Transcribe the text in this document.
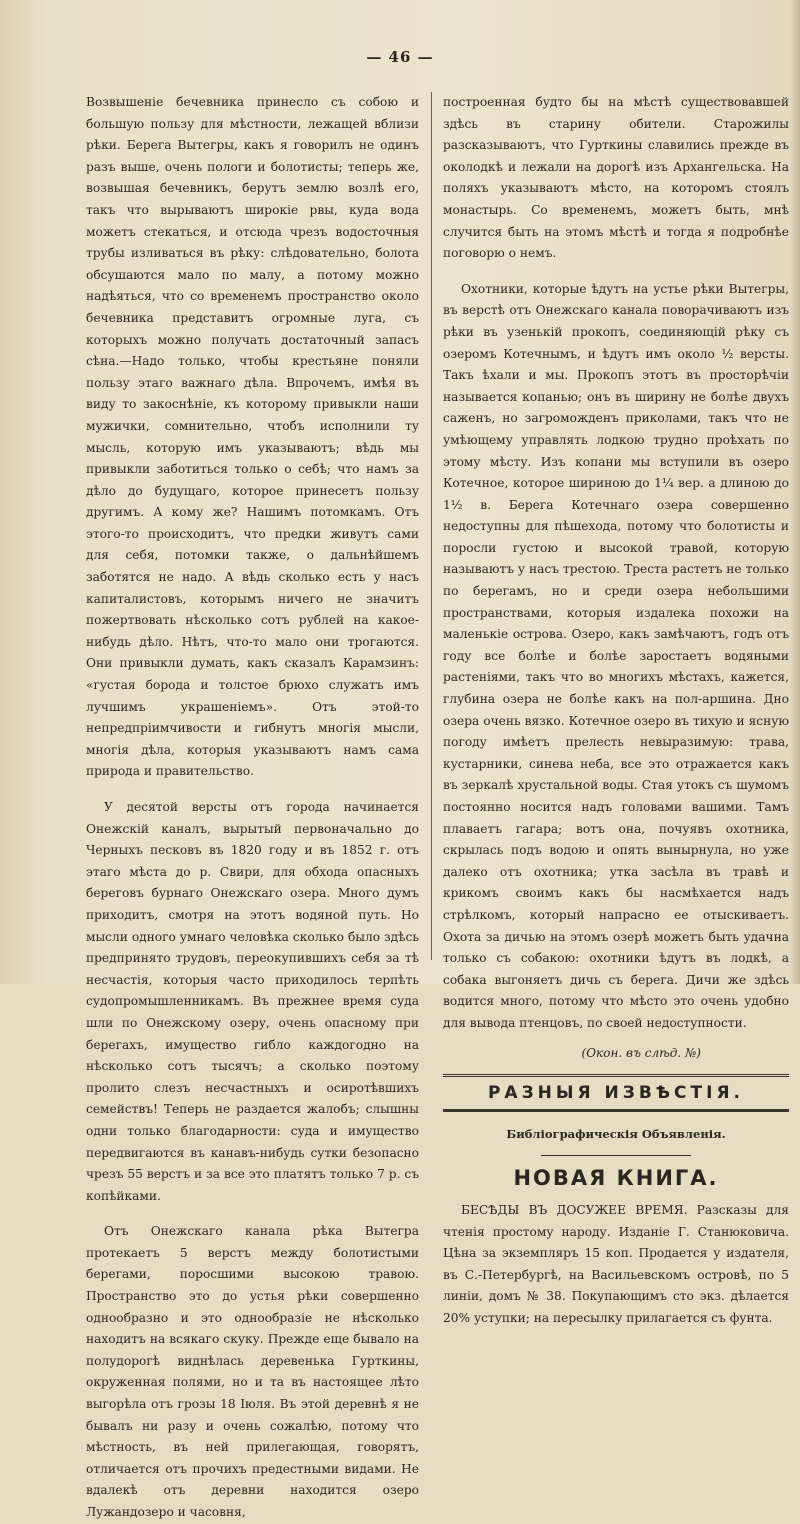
— 46 —

Возвышеніе бечевника принесло съ собою и большую пользу для мѣстности, лежащей вблизи рѣки. Берега Вытегры, какъ я говорилъ не одинъ разъ выше, очень пологи и болотисты; теперь же, возвышая бечевникъ, берутъ землю возлѣ его, такъ что вырываютъ широкіе рвы, куда вода можетъ стекаться, и отсюда чрезъ водосточныя трубы изливаться въ рѣку: слѣдовательно, болота обсушаются мало по малу, а потому можно надѣяться, что со временемъ пространство около бечевника представитъ огромные луга, съ которыхъ можно получать достаточный запасъ сѣна.—Надо только, чтобы крестьяне поняли пользу этаго важнаго дѣла. Впрочемъ, имѣя въ виду то закоснѣніе, къ которому привыкли наши мужички, сомнительно, чтобъ исполнили ту мысль, которую имъ указываютъ; вѣдь мы привыкли заботиться только о себѣ; что намъ за дѣло до будущаго, которое принесетъ пользу другимъ. А кому же? Нашимъ потомкамъ. Отъ этого-то происходитъ, что предки живутъ сами для себя, потомки также, о дальнѣйшемъ заботятся не надо. А вѣдь сколько есть у насъ капиталистовъ, которымъ ничего не значитъ пожертвовать нѣсколько сотъ рублей на какое-нибудь дѣло. Нѣтъ, что-то мало они трогаются. Они привыкли думать, какъ сказалъ Карамзинъ: «густая борода и толстое брюхо служатъ имъ лучшимъ украшеніемъ». Отъ этой-то непредпріимчивости и гибнутъ многія мысли, многія дѣла, которыя указываютъ намъ сама природа и правительство.

У десятой версты отъ города начинается Онежскій каналъ, вырытый первоначально до Черныхъ песковъ въ 1820 году и въ 1852 г. отъ этаго мѣста до р. Свири, для обхода опасныхъ береговъ бурнаго Онежскаго озера. Много думъ приходитъ, смотря на этотъ водяной путь. Но мысли одного умнаго человѣка сколько было здѣсь предпринято трудовъ, переокупившихъ себя за тѣ несчастія, которыя часто приходилось терпѣть судопромышленникамъ. Въ прежнее время суда шли по Онежскому озеру, очень опасному при берегахъ, имущество гибло каждогодно на нѣсколько сотъ тысячъ; а сколько поэтому пролито слезъ несчастныхъ и осиротѣвшихъ семействъ! Теперь не раздается жалобъ; слышны одни только благодарности: суда и имущество передвигаются въ канавъ-нибудь сутки безопасно чрезъ 55 верстъ и за все это платятъ только 7 р. съ копѣйками.

Отъ Онежскаго канала рѣка Вытегра протекаетъ 5 верстъ между болотистыми берегами, поросшими высокою травою. Пространство это до устья рѣки совершенно однообразно и это однообразіе не нѣсколько находитъ на всякаго скуку. Прежде еще бывало на полудорогѣ виднѣлась деревенька Гурткины, окруженная полями, но и та въ настоящее лѣто выгорѣла отъ грозы 18 Іюля. Въ этой деревнѣ я не бывалъ ни разу и очень сожалѣю, потому что мѣстность, въ ней прилегающая, говорятъ, отличается отъ прочихъ предестными видами. Не вдалекѣ отъ деревни находится озеро Лужандозеро и часовня,

построенная будто бы на мѣстѣ существовавшей здѣсь въ старину обители. Старожилы разсказываютъ, что Гурткины славились прежде въ околодкѣ и лежали на дорогѣ изъ Архангельска. На поляхъ указываютъ мѣсто, на которомъ стоялъ монастырь. Со временемъ, можетъ быть, мнѣ случится быть на этомъ мѣстѣ и тогда я подробнѣе поговорю о немъ.

Охотники, которые ѣдутъ на устье рѣки Вытегры, въ верстѣ отъ Онежскаго канала поворачиваютъ изъ рѣки въ узенькій прокопъ, соединяющій рѣку съ озеромъ Котечнымъ, и ѣдутъ имъ около ½ версты. Такъ ѣхали и мы. Прокопъ этотъ въ просторѣчіи называется копанью; онъ въ ширину не болѣе двухъ саженъ, но загроможденъ приколами, такъ что не умѣющему управлять лодкою трудно проѣхать по этому мѣсту. Изъ копани мы вступили въ озеро Котечное, которое шириною до 1¼ вер. а длиною до 1½ в. Берега Котечнаго озера совершенно недоступны для пѣшехода, потому что болотисты и поросли густою и высокой травой, которую называютъ у насъ трестою. Треста растетъ не только по берегамъ, но и среди озера небольшими пространствами, которыя издалека похожи на маленькіе острова. Озеро, какъ замѣчаютъ, годъ отъ году все болѣе и болѣе заростаетъ водяными растеніями, такъ что во многихъ мѣстахъ, кажется, глубина озера не болѣе какъ на пол-аршина. Дно озера очень вязко. Котечное озеро въ тихую и ясную погоду имѣетъ прелесть невыразимую: трава, кустарники, синева неба, все это отражается какъ въ зеркалѣ хрустальной воды. Стая утокъ съ шумомъ постоянно носится надъ головами вашими. Тамъ плаваетъ гагара; вотъ она, почуявъ охотника, скрылась подъ водою и опять вынырнула, но уже далеко отъ охотника; утка засѣла въ травѣ и крикомъ своимъ какъ бы насмѣхается надъ стрѣлкомъ, который напрасно ее отыскиваетъ. Охота за дичью на этомъ озерѣ можетъ быть удачна только съ собакою: охотники ѣдутъ въ лодкѣ, а собака выгоняетъ дичь съ берега. Дичи же здѣсь водится много, потому что мѣсто это очень удобно для вывода птенцовъ, по своей недоступности.

(Окон. въ слѣд. №)
РАЗНЫЯ ИЗВѢСТІЯ.
Библіографическія Объявленія.
НОВАЯ КНИГА.

БЕСѢДЫ ВЪ ДОСУЖЕЕ ВРЕМЯ. Разсказы для чтенія простому народу. Изданіе Г. Станюковича. Цѣна за экземпляръ 15 коп. Продается у издателя, въ С.-Петербургѣ, на Васильевскомъ островѣ, по 5 линіи, домъ № 38. Покупающимъ сто экз. дѣлается 20% уступки; на пересылку прилагается съ фунта.
